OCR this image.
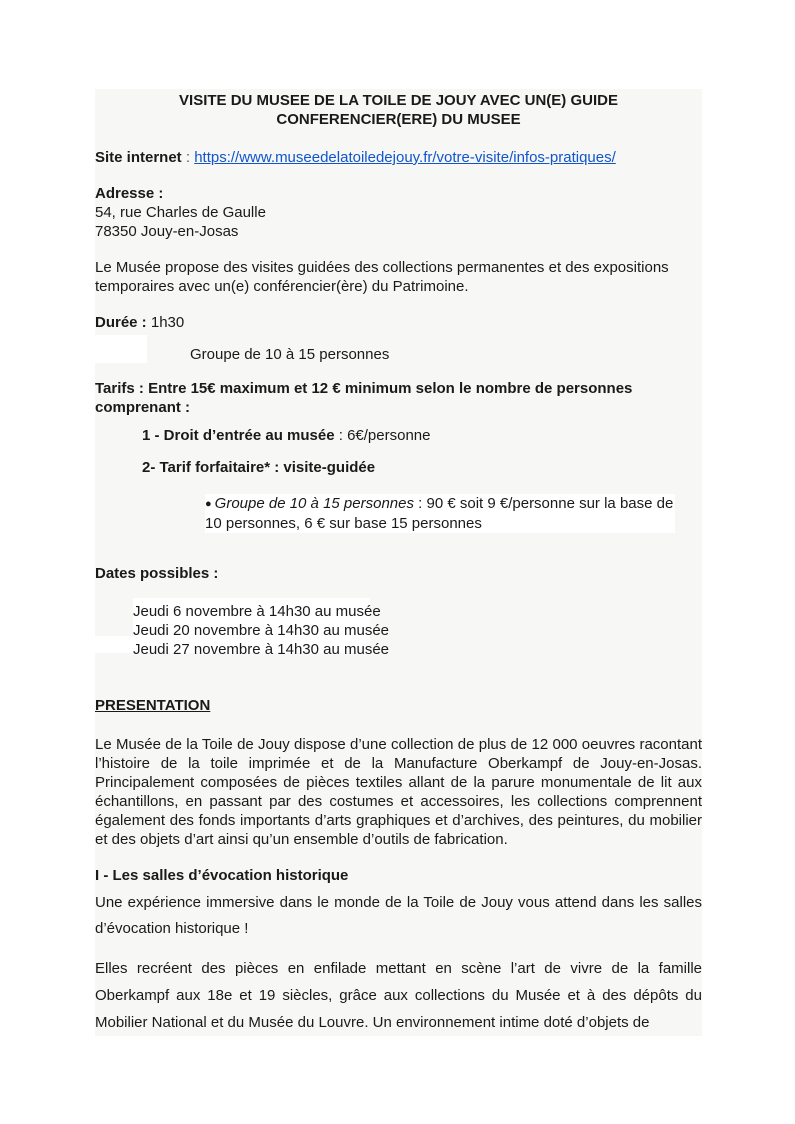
VISITE DU MUSEE DE LA TOILE DE JOUY AVEC UN(E) GUIDE
CONFERENCIER(ERE) DU MUSEE
Site internet : https://www.museedelatoiledejouy.fr/votre-visite/infos-pratiques/
Adresse :
54, rue Charles de Gaulle
78350 Jouy-en-Josas
Le Musée propose des visites guidées des collections permanentes et des expositions temporaires avec un(e) conférencier(ère) du Patrimoine.
Durée : 1h30
Groupe de 10 à 15 personnes
Tarifs : Entre 15€ maximum et 12 € minimum selon le nombre de personnes comprenant :
1 - Droit d’entrée au musée : 6€/personne
2- Tarif forfaitaire* : visite-guidée
● Groupe de 10 à 15 personnes : 90 € soit 9 €/personne sur la base de 10 personnes, 6 € sur base 15 personnes
Dates possibles :
Jeudi 6 novembre à 14h30 au musée
Jeudi 20 novembre à 14h30 au musée
Jeudi 27 novembre à 14h30 au musée
PRESENTATION
Le Musée de la Toile de Jouy dispose d’une collection de plus de 12 000 oeuvres racontant l’histoire de la toile imprimée et de la Manufacture Oberkampf de Jouy-en-Josas. Principalement composées de pièces textiles allant de la parure monumentale de lit aux échantillons, en passant par des costumes et accessoires, les collections comprennent également des fonds importants d’arts graphiques et d’archives, des peintures, du mobilier et des objets d’art ainsi qu’un ensemble d’outils de fabrication.
I - Les salles d’évocation historique
Une expérience immersive dans le monde de la Toile de Jouy vous attend dans les salles d’évocation historique !
Elles recréent des pièces en enfilade mettant en scène l’art de vivre de la famille Oberkampf aux 18e et 19 siècles, grâce aux collections du Musée et à des dépôts du Mobilier National et du Musée du Louvre. Un environnement intime doté d’objets de
